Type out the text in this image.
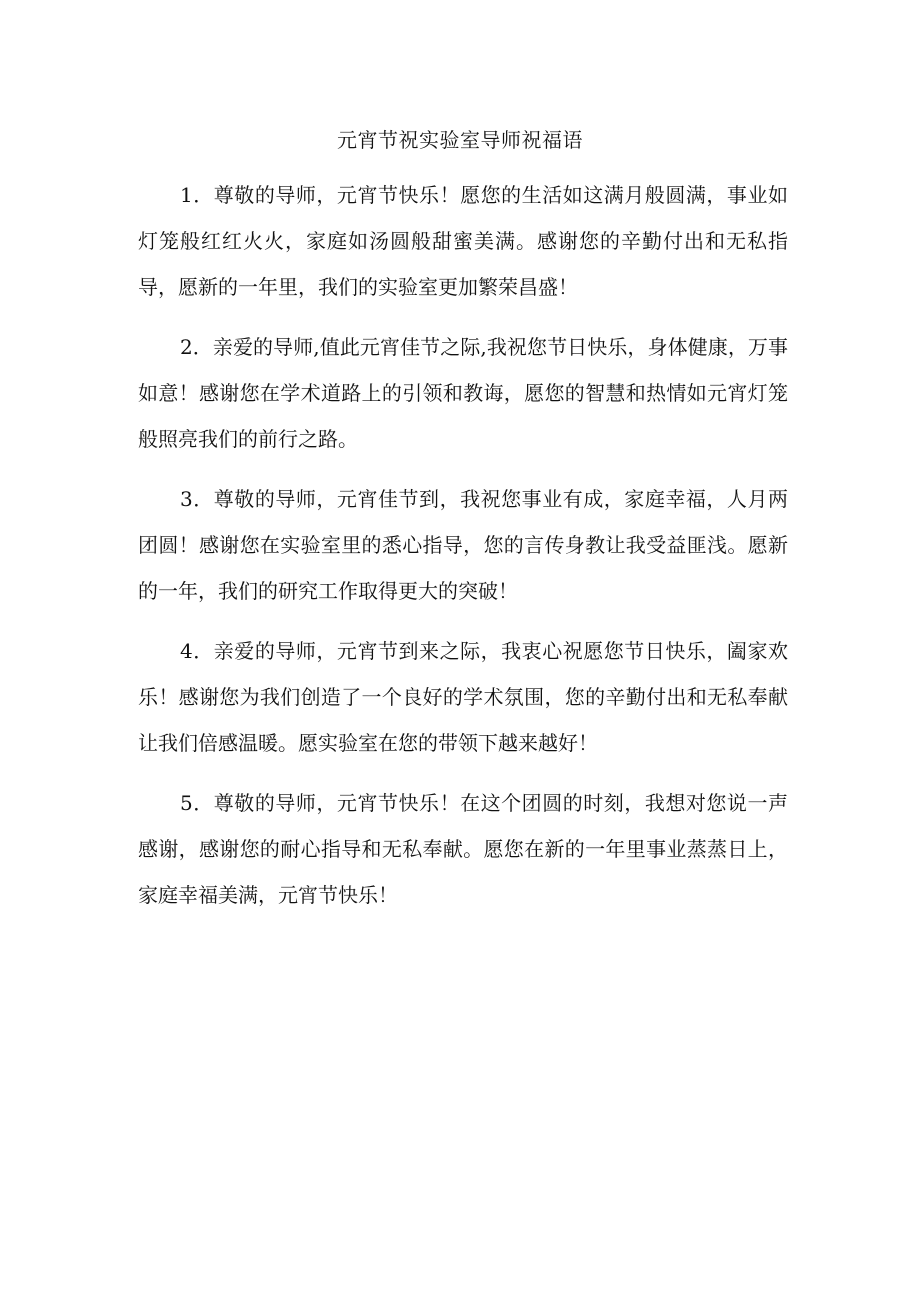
元宵节祝实验室导师祝福语

1．尊敬的导师，元宵节快乐！愿您的生活如这满月般圆满，事业如灯笼般红红火火，家庭如汤圆般甜蜜美满。感谢您的辛勤付出和无私指导，愿新的一年里，我们的实验室更加繁荣昌盛！

2．亲爱的导师,值此元宵佳节之际,我祝您节日快乐，身体健康，万事如意！感谢您在学术道路上的引领和教诲，愿您的智慧和热情如元宵灯笼般照亮我们的前行之路。

3．尊敬的导师，元宵佳节到，我祝您事业有成，家庭幸福，人月两团圆！感谢您在实验室里的悉心指导，您的言传身教让我受益匪浅。愿新的一年，我们的研究工作取得更大的突破！

4．亲爱的导师，元宵节到来之际，我衷心祝愿您节日快乐，阖家欢乐！感谢您为我们创造了一个良好的学术氛围，您的辛勤付出和无私奉献让我们倍感温暖。愿实验室在您的带领下越来越好！

5．尊敬的导师，元宵节快乐！在这个团圆的时刻，我想对您说一声感谢，感谢您的耐心指导和无私奉献。愿您在新的一年里事业蒸蒸日上，家庭幸福美满，元宵节快乐！
